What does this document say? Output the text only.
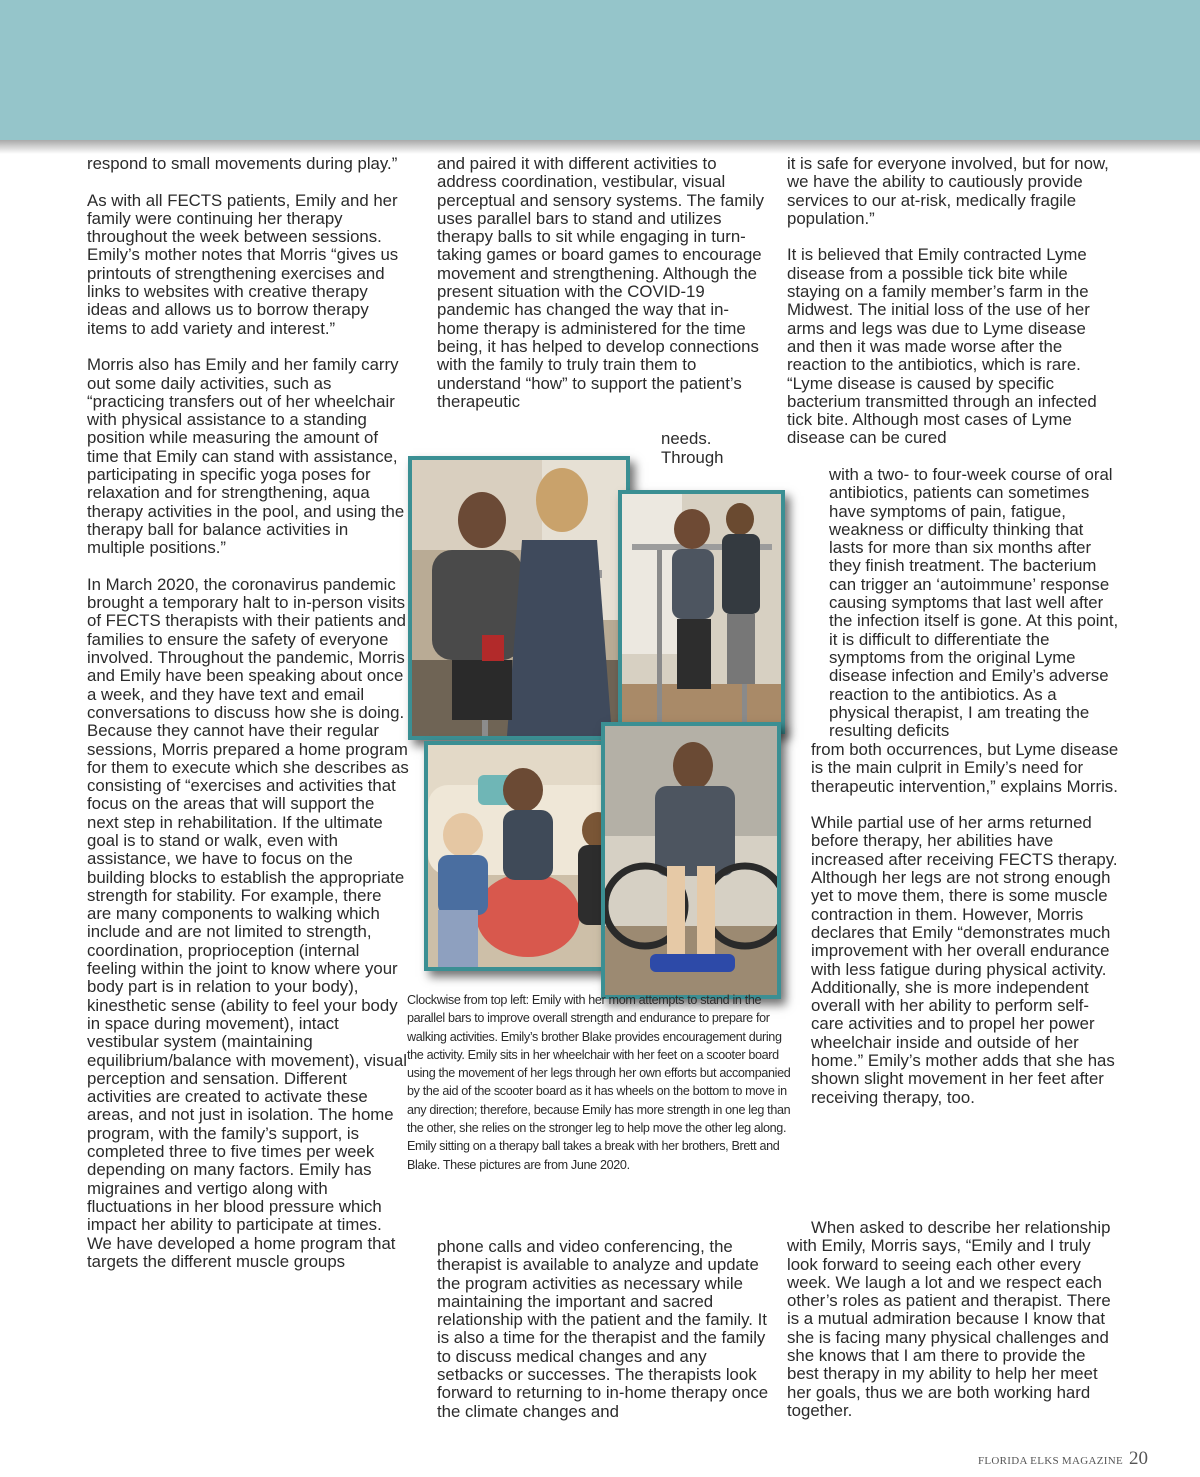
respond to small movements during play.”

As with all FECTS patients, Emily and her family were continuing her therapy throughout the week between sessions. Emily’s mother notes that Morris “gives us printouts of strengthening exercises and links to websites with creative therapy ideas and allows us to borrow therapy items to add variety and interest.”

Morris also has Emily and her family carry out some daily activities, such as “practicing transfers out of her wheelchair with physical assistance to a standing position while measuring the amount of time that Emily can stand with assistance, participating in specific yoga poses for relaxation and for strengthening, aqua therapy activities in the pool, and using the therapy ball for balance activities in multiple positions.”

In March 2020, the coronavirus pandemic brought a temporary halt to in-person visits of FECTS therapists with their patients and families to ensure the safety of everyone involved. Throughout the pandemic, Morris and Emily have been speaking about once a week, and they have text and email conversations to discuss how she is doing. Because they cannot have their regular sessions, Morris prepared a home program for them to execute which she describes as consisting of “exercises and activities that focus on the areas that will support the next step in rehabilitation. If the ultimate goal is to stand or walk, even with assistance, we have to focus on the building blocks to establish the appropriate strength for stability. For example, there are many components to walking which include and are not limited to strength, coordination, proprioception (internal feeling within the joint to know where your body part is in relation to your body), kinesthetic sense (ability to feel your body in space during movement), intact vestibular system (maintaining equilibrium/balance with movement), visual perception and sensation. Different activities are created to activate these areas, and not just in isolation. The home program, with the family’s support, is completed three to five times per week depending on many factors. Emily has migraines and vertigo along with fluctuations in her blood pressure which impact her ability to participate at times. We have developed a home program that targets the different muscle groups

and paired it with different activities to address coordination, vestibular, visual perceptual and sensory systems. The family uses parallel bars to stand and utilizes therapy balls to sit while engaging in turn-taking games or board games to encourage movement and strengthening. Although the present situation with the COVID-19 pandemic has changed the way that in-home therapy is administered for the time being, it has helped to develop connections with the family to truly train them to understand “how” to support the patient’s therapeutic

needs.
Through

phone calls and video conferencing, the therapist is available to analyze and update the program activities as necessary while maintaining the important and sacred relationship with the patient and the family. It is also a time for the therapist and the family to discuss medical changes and any setbacks or successes. The therapists look forward to returning to in-home therapy once the climate changes and

it is safe for everyone involved, but for now, we have the ability to cautiously provide services to our at-risk, medically fragile population.”

It is believed that Emily contracted Lyme disease from a possible tick bite while staying on a family member’s farm in the Midwest. The initial loss of the use of her arms and legs was due to Lyme disease and then it was made worse after the reaction to the antibiotics, which is rare. “Lyme disease is caused by specific bacterium transmitted through an infected tick bite. Although most cases of Lyme disease can be cured

with a two- to four-week course of oral antibiotics, patients can sometimes have symptoms of pain, fatigue, weakness or difficulty thinking that lasts for more than six months after they finish treatment. The bacterium can trigger an ‘autoimmune’ response causing symptoms that last well after the infection itself is gone. At this point, it is difficult to differentiate the symptoms from the original Lyme disease infection and Emily’s adverse reaction to the antibiotics. As a physical therapist, I am treating the resulting deficits

from both occurrences, but Lyme disease is the main culprit in Emily’s need for therapeutic intervention,” explains Morris.

While partial use of her arms returned before therapy, her abilities have increased after receiving FECTS therapy. Although her legs are not strong enough yet to move them, there is some muscle contraction in them. However, Morris declares that Emily “demonstrates much improvement with her overall endurance with less fatigue during physical activity. Additionally, she is more independent overall with her ability to perform self-care activities and to propel her power wheelchair inside and outside of her home.” Emily’s mother adds that she has shown slight movement in her feet after receiving therapy, too.

When asked to describe her relationship with Emily, Morris says, “Emily and I truly look forward to seeing each other every week. We laugh a lot and we respect each other’s roles as patient and therapist. There is a mutual admiration because I know that she is facing many physical challenges and she knows that I am there to provide the best therapy in my ability to help her meet her goals, thus we are both working hard together.

Clockwise from top left: Emily with her mom attempts to stand in the parallel bars to improve overall strength and endurance to prepare for walking activities. Emily’s brother Blake provides encouragement during the activity. Emily sits in her wheelchair with her feet on a scooter board using the movement of her legs through her own efforts but accompanied by the aid of the scooter board as it has wheels on the bottom to move in any direction; therefore, because Emily has more strength in one leg than the other, she relies on the stronger leg to help move the other leg along. Emily sitting on a therapy ball takes a break with her brothers, Brett and Blake. These pictures are from June 2020.
FLORIDA ELKS MAGAZINE 20
